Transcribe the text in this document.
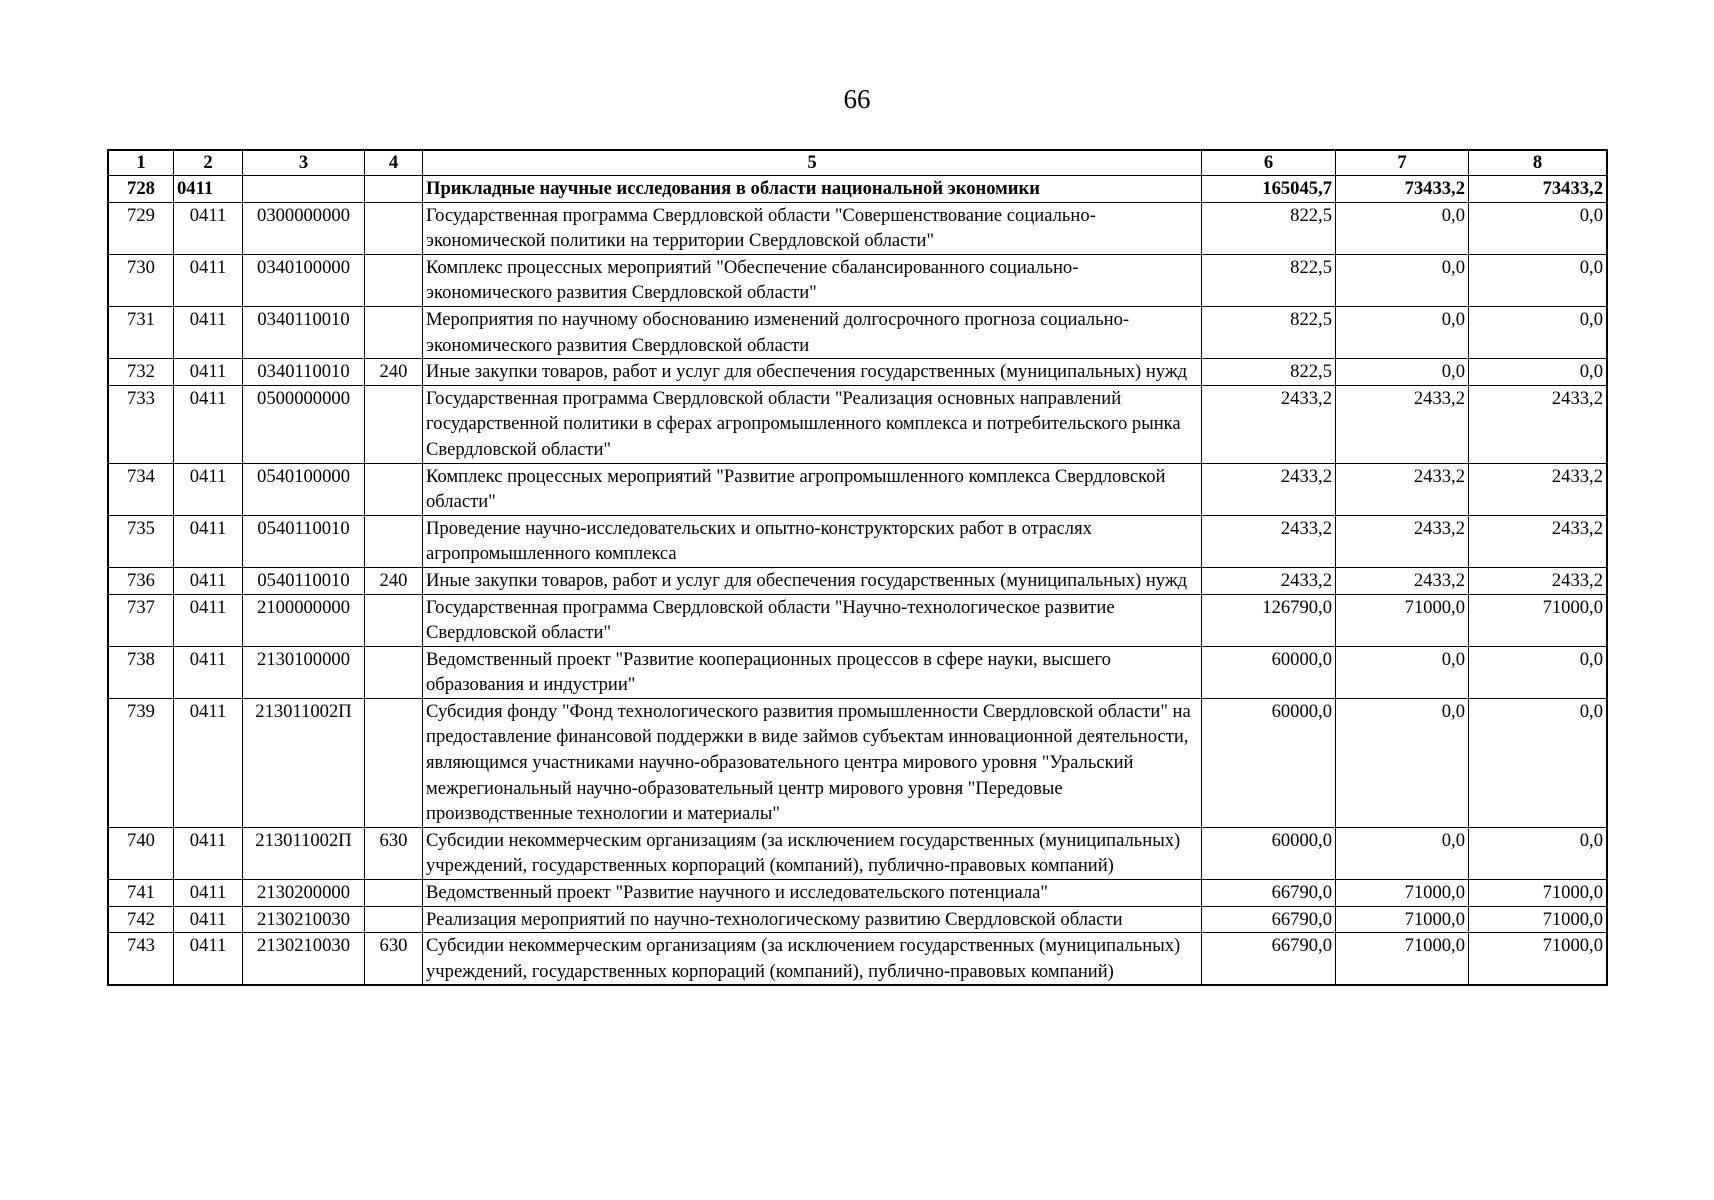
66
1	2	3	4	5	6	7	8
728	0411			Прикладные научные исследования в области национальной экономики	165045,7	73433,2	73433,2
729	0411	0300000000		Государственная программа Свердловской области "Совершенствование социально-экономической политики на территории Свердловской области"	822,5	0,0	0,0
730	0411	0340100000		Комплекс процессных мероприятий "Обеспечение сбалансированного социально-экономического развития Свердловской области"	822,5	0,0	0,0
731	0411	0340110010		Мероприятия по научному обоснованию изменений долгосрочного прогноза социально-экономического развития Свердловской области	822,5	0,0	0,0
732	0411	0340110010	240	Иные закупки товаров, работ и услуг для обеспечения государственных (муниципальных) нужд	822,5	0,0	0,0
733	0411	0500000000		Государственная программа Свердловской области "Реализация основных направлений государственной политики в сферах агропромышленного комплекса и потребительского рынка Свердловской области"	2433,2	2433,2	2433,2
734	0411	0540100000		Комплекс процессных мероприятий "Развитие агропромышленного комплекса Свердловской области"	2433,2	2433,2	2433,2
735	0411	0540110010		Проведение научно-исследовательских и опытно-конструкторских работ в отраслях агропромышленного комплекса	2433,2	2433,2	2433,2
736	0411	0540110010	240	Иные закупки товаров, работ и услуг для обеспечения государственных (муниципальных) нужд	2433,2	2433,2	2433,2
737	0411	2100000000		Государственная программа Свердловской области "Научно-технологическое развитие Свердловской области"	126790,0	71000,0	71000,0
738	0411	2130100000		Ведомственный проект "Развитие кооперационных процессов в сфере науки, высшего образования и индустрии"	60000,0	0,0	0,0
739	0411	213011002П		Субсидия фонду "Фонд технологического развития промышленности Свердловской области" на предоставление финансовой поддержки в виде займов субъектам инновационной деятельности, являющимся участниками научно-образовательного центра мирового уровня "Уральский межрегиональный научно-образовательный центр мирового уровня "Передовые производственные технологии и материалы"	60000,0	0,0	0,0
740	0411	213011002П	630	Субсидии некоммерческим организациям (за исключением государственных (муниципальных) учреждений, государственных корпораций (компаний), публично-правовых компаний)	60000,0	0,0	0,0
741	0411	2130200000		Ведомственный проект "Развитие научного и исследовательского потенциала"	66790,0	71000,0	71000,0
742	0411	2130210030		Реализация мероприятий по научно-технологическому развитию Свердловской области	66790,0	71000,0	71000,0
743	0411	2130210030	630	Субсидии некоммерческим организациям (за исключением государственных (муниципальных) учреждений, государственных корпораций (компаний), публично-правовых компаний)	66790,0	71000,0	71000,0
